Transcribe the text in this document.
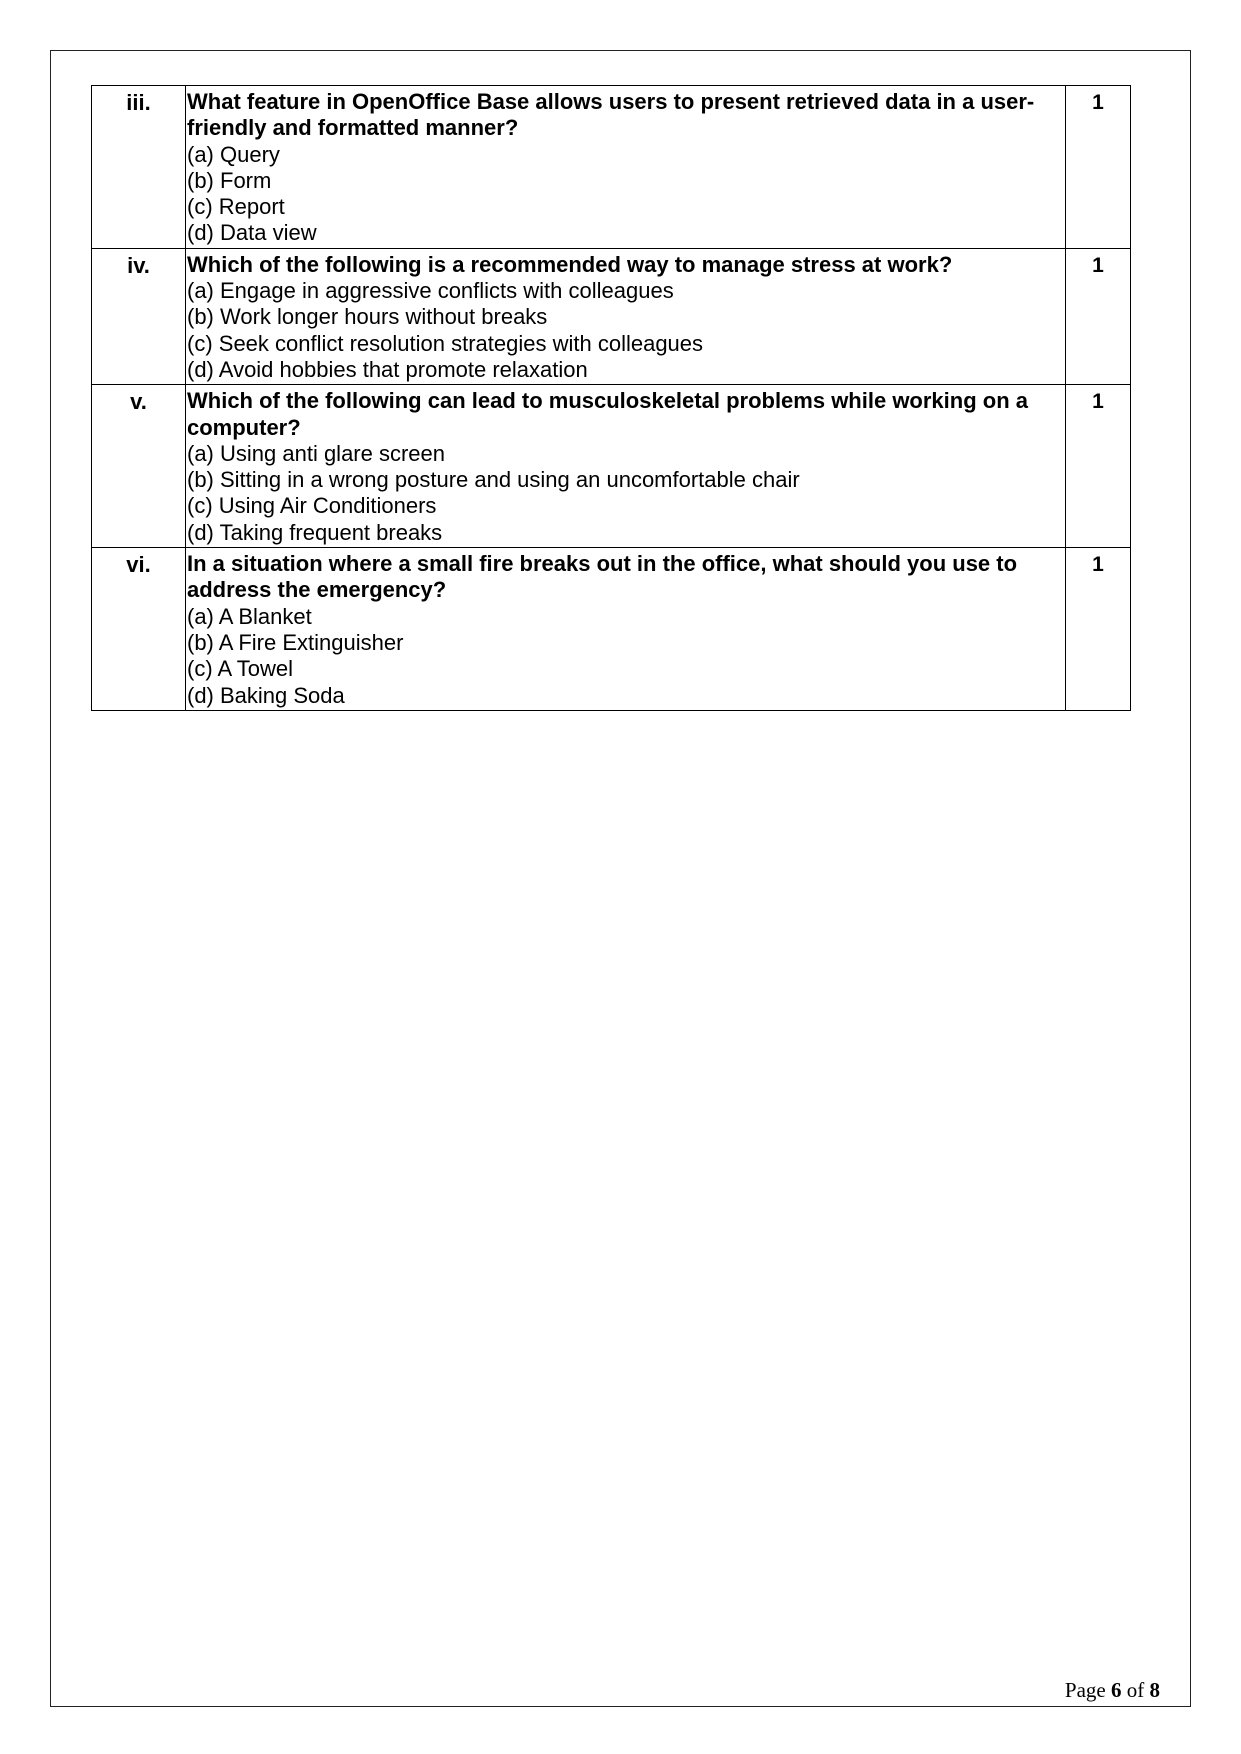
iii.	What feature in OpenOffice Base allows users to present retrieved data in a user-friendly and formatted manner?
(a) Query
(b) Form
(c) Report
(d) Data view	1
iv.	Which of the following is a recommended way to manage stress at work?
(a) Engage in aggressive conflicts with colleagues
(b) Work longer hours without breaks
(c) Seek conflict resolution strategies with colleagues
(d) Avoid hobbies that promote relaxation	1
v.	Which of the following can lead to musculoskeletal problems while working on a computer?
(a) Using anti glare screen
(b) Sitting in a wrong posture and using an uncomfortable chair
(c) Using Air Conditioners
(d) Taking frequent breaks	1
vi.	In a situation where a small fire breaks out in the office, what should you use to address the emergency?
(a) A Blanket
(b) A Fire Extinguisher
(c) A Towel
(d) Baking Soda	1
Page 6 of 8
